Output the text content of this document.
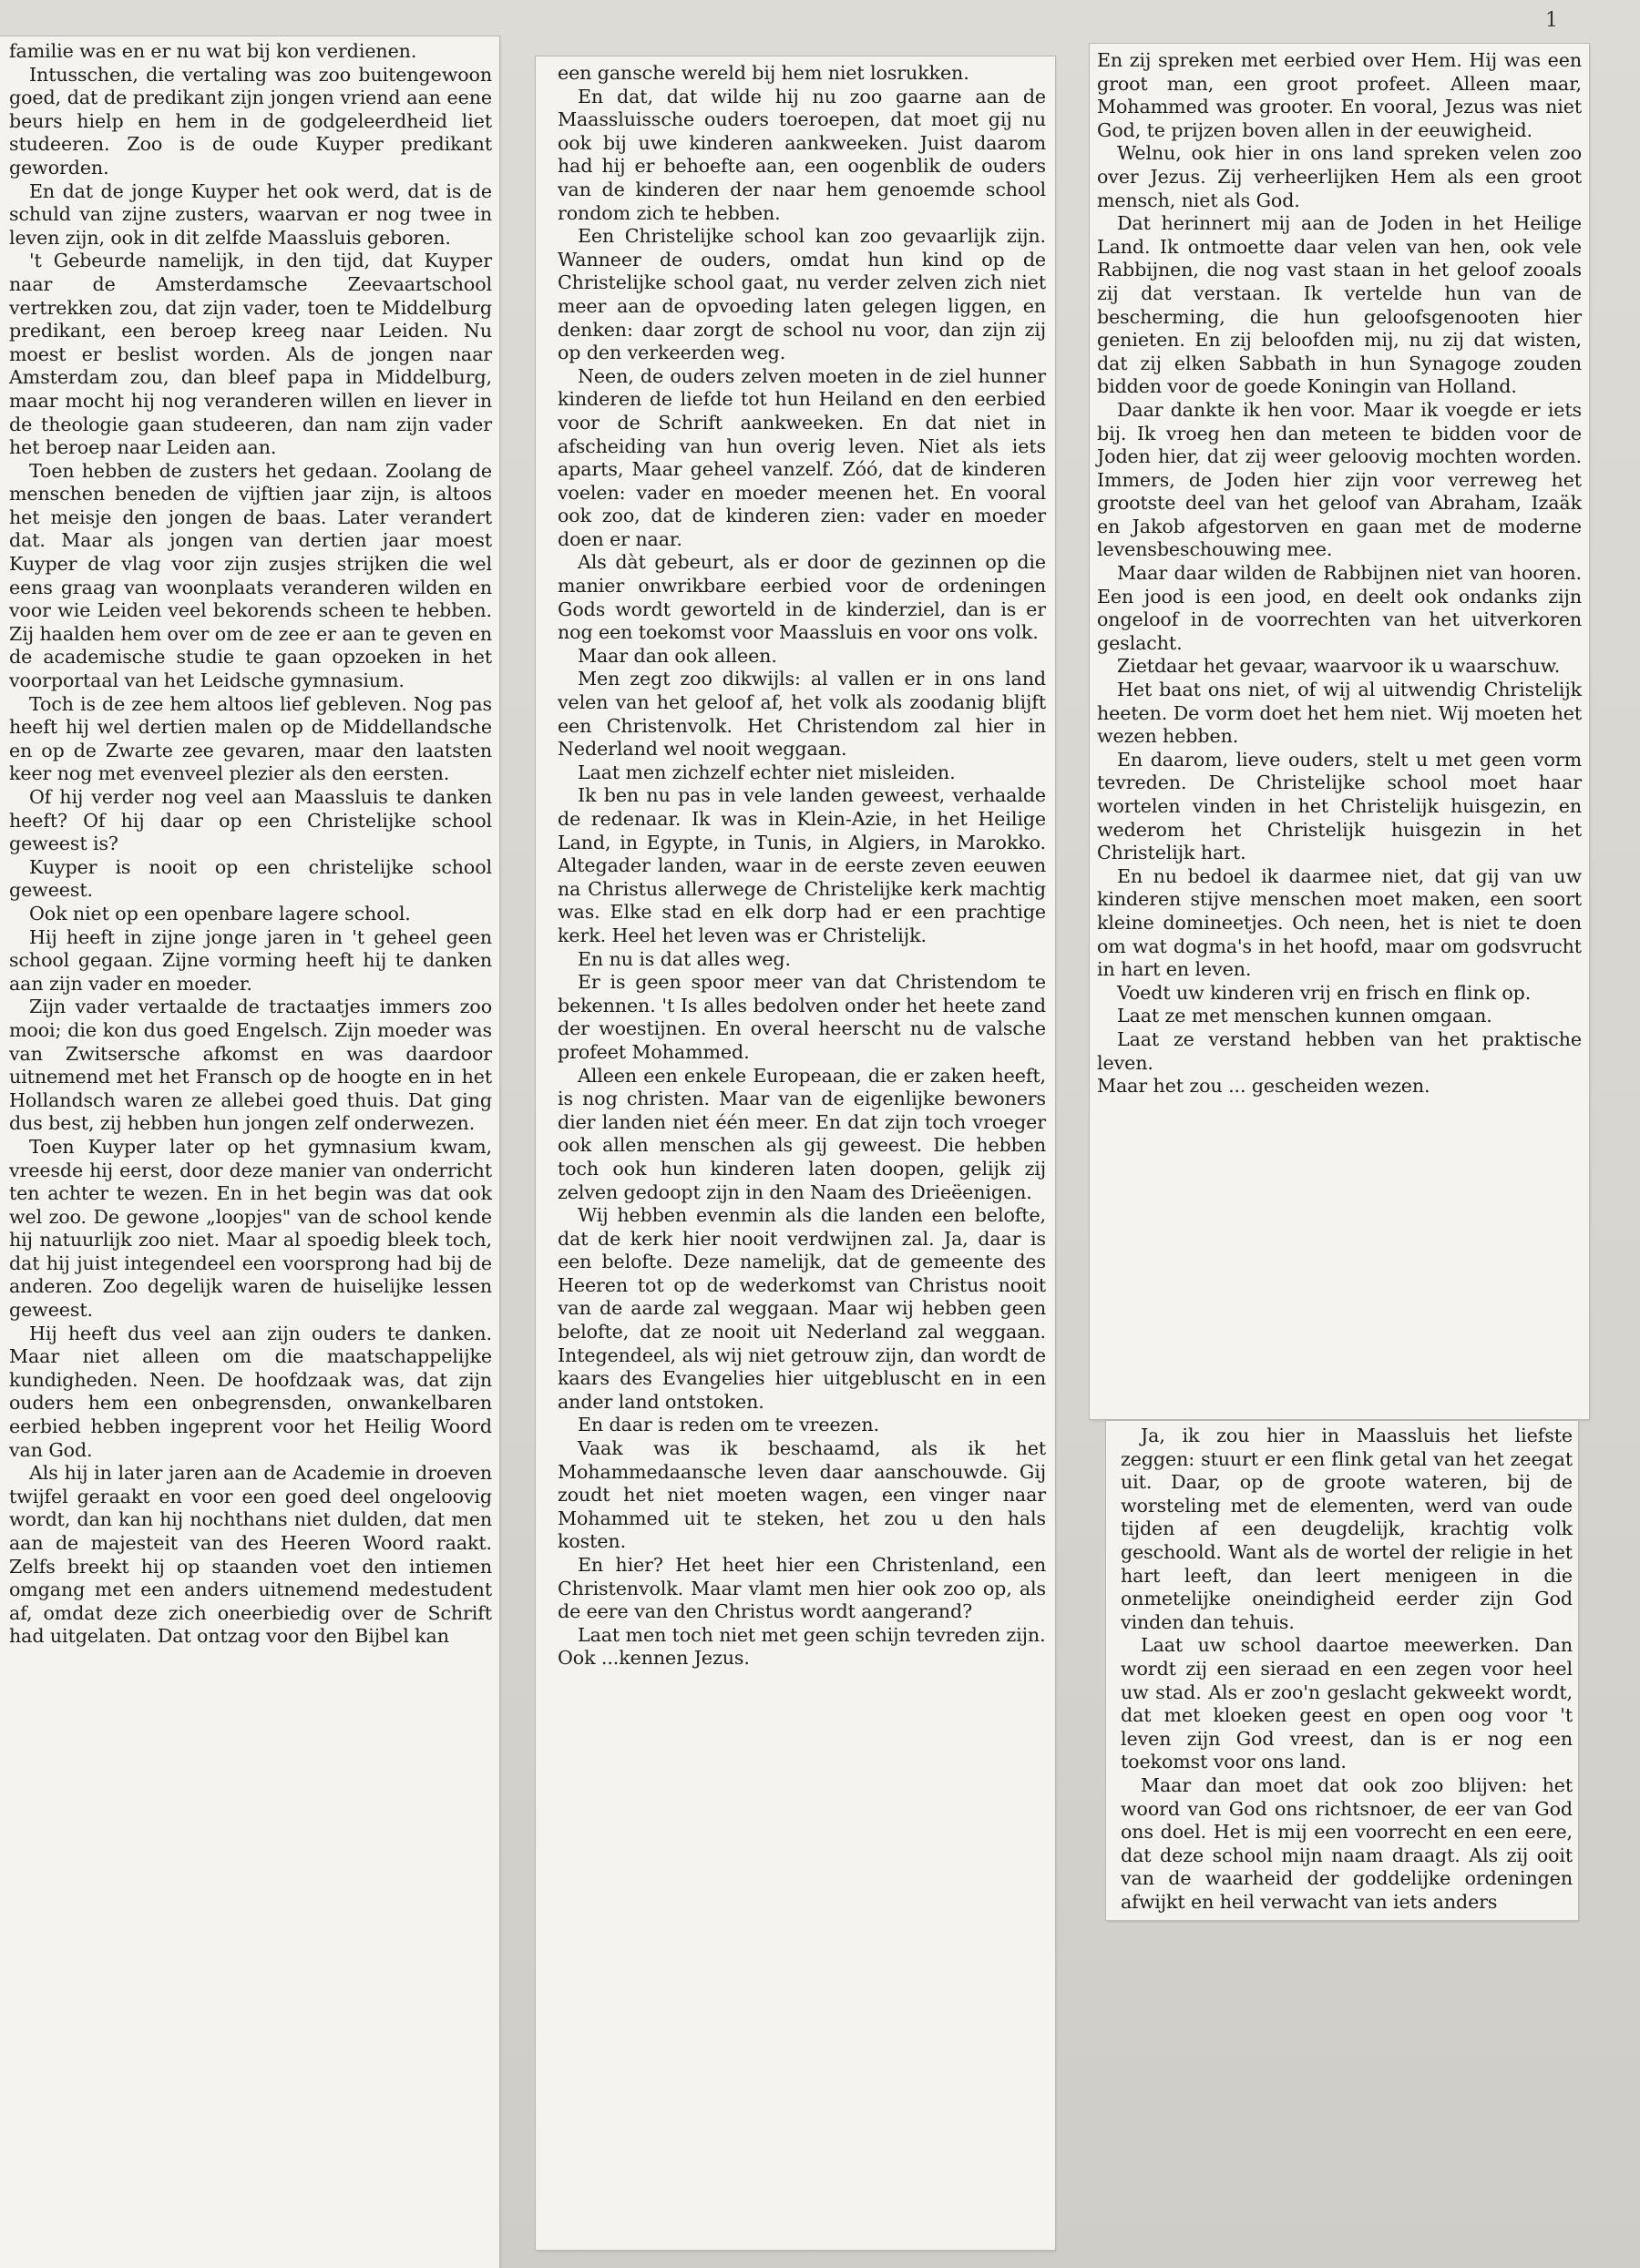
1

familie was en er nu wat bij kon verdienen.

Intusschen, die vertaling was zoo buitengewoon goed, dat de predikant zijn jongen vriend aan eene beurs hielp en hem in de godgeleerdheid liet studeeren. Zoo is de oude Kuyper predikant geworden.

En dat de jonge Kuyper het ook werd, dat is de schuld van zijne zusters, waarvan er nog twee in leven zijn, ook in dit zelfde Maassluis geboren.

't Gebeurde namelijk, in den tijd, dat Kuyper naar de Amsterdamsche Zeevaartschool vertrekken zou, dat zijn vader, toen te Middelburg predikant, een beroep kreeg naar Leiden. Nu moest er beslist worden. Als de jongen naar Amsterdam zou, dan bleef papa in Middelburg, maar mocht hij nog veranderen willen en liever in de theologie gaan studeeren, dan nam zijn vader het beroep naar Leiden aan.

Toen hebben de zusters het gedaan. Zoolang de menschen beneden de vijftien jaar zijn, is altoos het meisje den jongen de baas. Later verandert dat. Maar als jongen van dertien jaar moest Kuyper de vlag voor zijn zusjes strijken die wel eens graag van woonplaats veranderen wilden en voor wie Leiden veel bekorends scheen te hebben. Zij haalden hem over om de zee er aan te geven en de academische studie te gaan opzoeken in het voorportaal van het Leidsche gymnasium.

Toch is de zee hem altoos lief gebleven. Nog pas heeft hij wel dertien malen op de Middellandsche en op de Zwarte zee gevaren, maar den laatsten keer nog met evenveel plezier als den eersten.

Of hij verder nog veel aan Maassluis te danken heeft? Of hij daar op een Christelijke school geweest is?

Kuyper is nooit op een christelijke school geweest.

Ook niet op een openbare lagere school.

Hij heeft in zijne jonge jaren in 't geheel geen school gegaan. Zijne vorming heeft hij te danken aan zijn vader en moeder.

Zijn vader vertaalde de tractaatjes immers zoo mooi; die kon dus goed Engelsch. Zijn moeder was van Zwitsersche afkomst en was daardoor uitnemend met het Fransch op de hoogte en in het Hollandsch waren ze allebei goed thuis. Dat ging dus best, zij hebben hun jongen zelf onderwezen.

Toen Kuyper later op het gymnasium kwam, vreesde hij eerst, door deze manier van onderricht ten achter te wezen. En in het begin was dat ook wel zoo. De gewone „loopjes" van de school kende hij natuurlijk zoo niet. Maar al spoedig bleek toch, dat hij juist integendeel een voorsprong had bij de anderen. Zoo degelijk waren de huiselijke lessen geweest.

Hij heeft dus veel aan zijn ouders te danken. Maar niet alleen om die maatschappelijke kundigheden. Neen. De hoofdzaak was, dat zijn ouders hem een onbegrensden, onwankelbaren eerbied hebben ingeprent voor het Heilig Woord van God.

Als hij in later jaren aan de Academie in droeven twijfel geraakt en voor een goed deel ongeloovig wordt, dan kan hij nochthans niet dulden, dat men aan de majesteit van des Heeren Woord raakt. Zelfs breekt hij op staanden voet den intiemen omgang met een anders uitnemend medestudent af, omdat deze zich oneerbiedig over de Schrift had uitgelaten. Dat ontzag voor den Bijbel kan

een gansche wereld bij hem niet losrukken.

En dat, dat wilde hij nu zoo gaarne aan de Maassluissche ouders toeroepen, dat moet gij nu ook bij uwe kinderen aankweeken. Juist daarom had hij er behoefte aan, een oogenblik de ouders van de kinderen der naar hem genoemde school rondom zich te hebben.

Een Christelijke school kan zoo gevaarlijk zijn. Wanneer de ouders, omdat hun kind op de Christelijke school gaat, nu verder zelven zich niet meer aan de opvoeding laten gelegen liggen, en denken: daar zorgt de school nu voor, dan zijn zij op den verkeerden weg.

Neen, de ouders zelven moeten in de ziel hunner kinderen de liefde tot hun Heiland en den eerbied voor de Schrift aankweeken. En dat niet in afscheiding van hun overig leven. Niet als iets aparts, Maar geheel vanzelf. Zóó, dat de kinderen voelen: vader en moeder meenen het. En vooral ook zoo, dat de kinderen zien: vader en moeder doen er naar.

Als dàt gebeurt, als er door de gezinnen op die manier onwrikbare eerbied voor de ordeningen Gods wordt geworteld in de kinderziel, dan is er nog een toekomst voor Maassluis en voor ons volk.

Maar dan ook alleen.

Men zegt zoo dikwijls: al vallen er in ons land velen van het geloof af, het volk als zoodanig blijft een Christenvolk. Het Christendom zal hier in Nederland wel nooit weggaan.

Laat men zichzelf echter niet misleiden.

Ik ben nu pas in vele landen geweest, verhaalde de redenaar. Ik was in Klein-Azie, in het Heilige Land, in Egypte, in Tunis, in Algiers, in Marokko. Altegader landen, waar in de eerste zeven eeuwen na Christus allerwege de Christelijke kerk machtig was. Elke stad en elk dorp had er een prachtige kerk. Heel het leven was er Christelijk.

En nu is dat alles weg.

Er is geen spoor meer van dat Christendom te bekennen. 't Is alles bedolven onder het heete zand der woestijnen. En overal heerscht nu de valsche profeet Mohammed.

Alleen een enkele Europeaan, die er zaken heeft, is nog christen. Maar van de eigenlijke bewoners dier landen niet één meer. En dat zijn toch vroeger ook allen menschen als gij geweest. Die hebben toch ook hun kinderen laten doopen, gelijk zij zelven gedoopt zijn in den Naam des Drieëenigen.

Wij hebben evenmin als die landen een belofte, dat de kerk hier nooit verdwijnen zal. Ja, daar is een belofte. Deze namelijk, dat de gemeente des Heeren tot op de wederkomst van Christus nooit van de aarde zal weggaan. Maar wij hebben geen belofte, dat ze nooit uit Nederland zal weggaan. Integendeel, als wij niet getrouw zijn, dan wordt de kaars des Evangelies hier uitgebluscht en in een ander land ontstoken.

En daar is reden om te vreezen.

Vaak was ik beschaamd, als ik het Mohammedaansche leven daar aanschouwde. Gij zoudt het niet moeten wagen, een vinger naar Mohammed uit te steken, het zou u den hals kosten.

En hier? Het heet hier een Christenland, een Christenvolk. Maar vlamt men hier ook zoo op, als de eere van den Christus wordt aangerand?

Laat men toch niet met geen schijn tevreden zijn.

Ook ...kennen Jezus.

En zij spreken met eerbied over Hem. Hij was een groot man, een groot profeet. Alleen maar, Mohammed was grooter. En vooral, Jezus was niet God, te prijzen boven allen in der eeuwigheid.

Welnu, ook hier in ons land spreken velen zoo over Jezus. Zij verheerlijken Hem als een groot mensch, niet als God.

Dat herinnert mij aan de Joden in het Heilige Land. Ik ontmoette daar velen van hen, ook vele Rabbijnen, die nog vast staan in het geloof zooals zij dat verstaan. Ik vertelde hun van de bescherming, die hun geloofsgenooten hier genieten. En zij beloofden mij, nu zij dat wisten, dat zij elken Sabbath in hun Synagoge zouden bidden voor de goede Koningin van Holland.

Daar dankte ik hen voor. Maar ik voegde er iets bij. Ik vroeg hen dan meteen te bidden voor de Joden hier, dat zij weer geloovig mochten worden. Immers, de Joden hier zijn voor verreweg het grootste deel van het geloof van Abraham, Izaäk en Jakob afgestorven en gaan met de moderne levensbeschouwing mee.

Maar daar wilden de Rabbijnen niet van hooren. Een jood is een jood, en deelt ook ondanks zijn ongeloof in de voorrechten van het uitverkoren geslacht.

Zietdaar het gevaar, waarvoor ik u waarschuw.

Het baat ons niet, of wij al uitwendig Christelijk heeten. De vorm doet het hem niet. Wij moeten het wezen hebben.

En daarom, lieve ouders, stelt u met geen vorm tevreden. De Christelijke school moet haar wortelen vinden in het Christelijk huisgezin, en wederom het Christelijk huisgezin in het Christelijk hart.

En nu bedoel ik daarmee niet, dat gij van uw kinderen stijve menschen moet maken, een soort kleine domineetjes. Och neen, het is niet te doen om wat dogma's in het hoofd, maar om godsvrucht in hart en leven.

Voedt uw kinderen vrij en frisch en flink op.

Laat ze met menschen kunnen omgaan.

Laat ze verstand hebben van het praktische leven.

Maar het zou ... gescheiden wezen.

Ja, ik zou hier in Maassluis het liefste zeggen: stuurt er een flink getal van het zeegat uit. Daar, op de groote wateren, bij de worsteling met de elementen, werd van oude tijden af een deugdelijk, krachtig volk geschoold. Want als de wortel der religie in het hart leeft, dan leert menigeen in die onmetelijke oneindigheid eerder zijn God vinden dan tehuis.

Laat uw school daartoe meewerken. Dan wordt zij een sieraad en een zegen voor heel uw stad. Als er zoo'n geslacht gekweekt wordt, dat met kloeken geest en open oog voor 't leven zijn God vreest, dan is er nog een toekomst voor ons land.

Maar dan moet dat ook zoo blijven: het woord van God ons richtsnoer, de eer van God ons doel. Het is mij een voorrecht en een eere, dat deze school mijn naam draagt. Als zij ooit van de waarheid der goddelijke ordeningen afwijkt en heil verwacht van iets anders
